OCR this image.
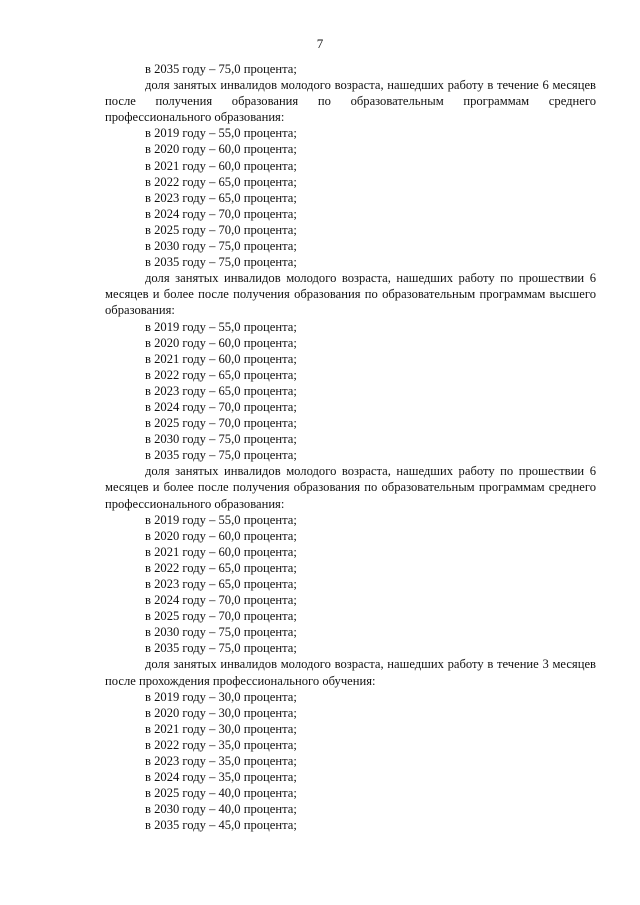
7

в 2035 году – 75,0 процента;

доля занятых инвалидов молодого возраста, нашедших работу в течение 6 месяцев после получения образования по образовательным программам среднего профессионального образования:

в 2019 году – 55,0 процента;

в 2020 году – 60,0 процента;

в 2021 году – 60,0 процента;

в 2022 году – 65,0 процента;

в 2023 году – 65,0 процента;

в 2024 году – 70,0 процента;

в 2025 году – 70,0 процента;

в 2030 году – 75,0 процента;

в 2035 году – 75,0 процента;

доля занятых инвалидов молодого возраста, нашедших работу по прошествии 6 месяцев и более после получения образования по образовательным программам высшего образования:

в 2019 году – 55,0 процента;

в 2020 году – 60,0 процента;

в 2021 году – 60,0 процента;

в 2022 году – 65,0 процента;

в 2023 году – 65,0 процента;

в 2024 году – 70,0 процента;

в 2025 году – 70,0 процента;

в 2030 году – 75,0 процента;

в 2035 году – 75,0 процента;

доля занятых инвалидов молодого возраста, нашедших работу по прошествии 6 месяцев и более после получения образования по образовательным программам среднего профессионального образования:

в 2019 году – 55,0 процента;

в 2020 году – 60,0 процента;

в 2021 году – 60,0 процента;

в 2022 году – 65,0 процента;

в 2023 году – 65,0 процента;

в 2024 году – 70,0 процента;

в 2025 году – 70,0 процента;

в 2030 году – 75,0 процента;

в 2035 году – 75,0 процента;

доля занятых инвалидов молодого возраста, нашедших работу в течение 3 месяцев после прохождения профессионального обучения:

в 2019 году – 30,0 процента;

в 2020 году – 30,0 процента;

в 2021 году – 30,0 процента;

в 2022 году – 35,0 процента;

в 2023 году – 35,0 процента;

в 2024 году – 35,0 процента;

в 2025 году – 40,0 процента;

в 2030 году – 40,0 процента;

в 2035 году – 45,0 процента;
